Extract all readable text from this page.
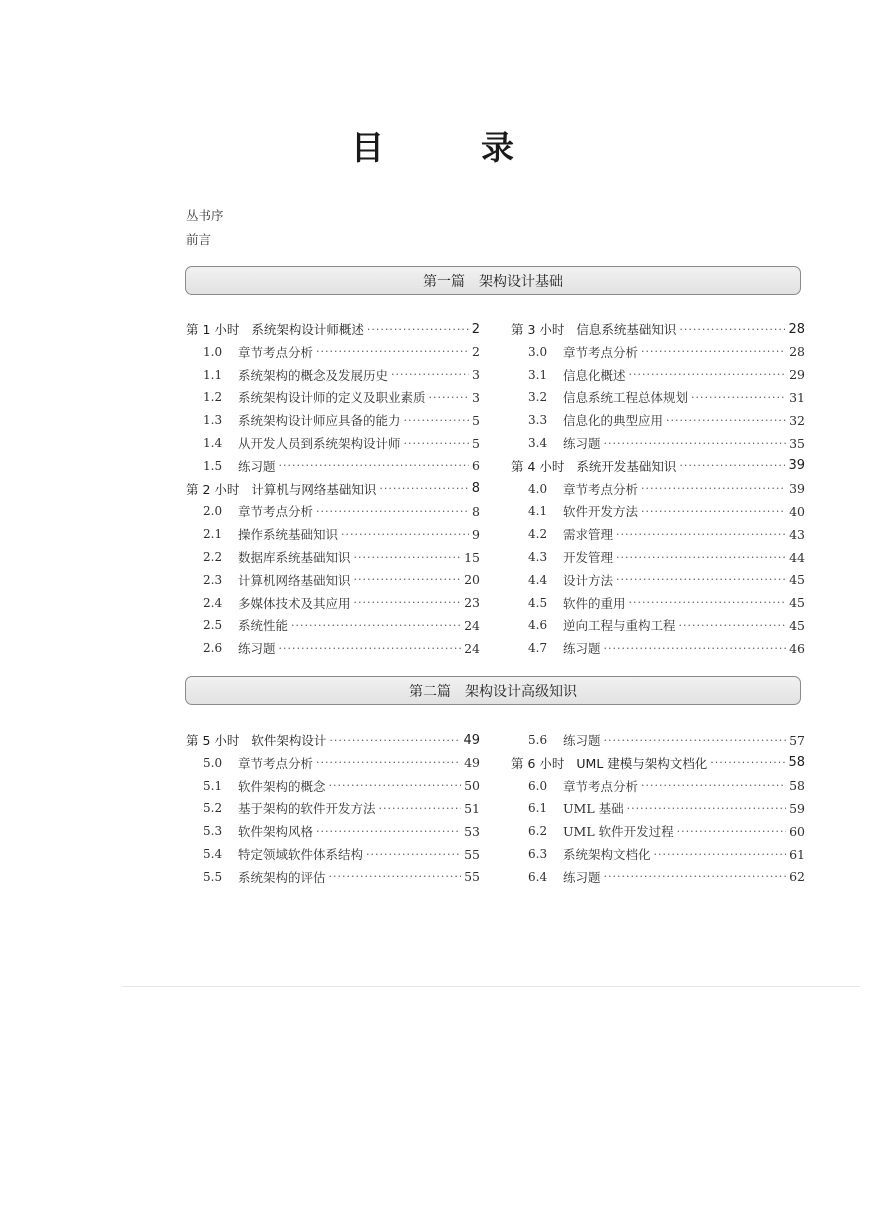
目　录
丛书序
前言
第一篇 架构设计基础
第二篇 架构设计高级知识
第 1 小时 系统架构设计师概述 ·····	2
1.0	章节考点分析 ·····	2
1.1	系统架构的概念及发展历史 ·····	3
1.2	系统架构设计师的定义及职业素质 ·····	3
1.3	系统架构设计师应具备的能力 ·····	5
1.4	从开发人员到系统架构设计师 ·····	5
1.5	练习题 ·····	6
第 2 小时 计算机与网络基础知识 ·····	8
2.0	章节考点分析 ·····	8
2.1	操作系统基础知识 ·····	9
2.2	数据库系统基础知识 ·····	15
2.3	计算机网络基础知识 ·····	20
2.4	多媒体技术及其应用 ·····	23
2.5	系统性能 ·····	24
2.6	练习题 ·····	24
第 3 小时 信息系统基础知识 ·····	28
3.0	章节考点分析 ·····	28
3.1	信息化概述 ·····	29
3.2	信息系统工程总体规划 ·····	31
3.3	信息化的典型应用 ·····	32
3.4	练习题 ·····	35
第 4 小时 系统开发基础知识 ·····	39
4.0	章节考点分析 ·····	39
4.1	软件开发方法 ·····	40
4.2	需求管理 ·····	43
4.3	开发管理 ·····	44
4.4	设计方法 ·····	45
4.5	软件的重用 ·····	45
4.6	逆向工程与重构工程 ·····	45
4.7	练习题 ·····	46
第 5 小时 软件架构设计 ·····	49
5.0	章节考点分析 ·····	49
5.1	软件架构的概念 ·····	50
5.2	基于架构的软件开发方法 ·····	51
5.3	软件架构风格 ·····	53
5.4	特定领域软件体系结构 ·····	55
5.5	系统架构的评估 ·····	55
5.6	练习题 ·····	57
第 6 小时 UML 建模与架构文档化 ·····	58
6.0	章节考点分析 ·····	58
6.1	UML 基础 ·····	59
6.2	UML 软件开发过程 ·····	60
6.3	系统架构文档化 ·····	61
6.4	练习题 ·····	62
